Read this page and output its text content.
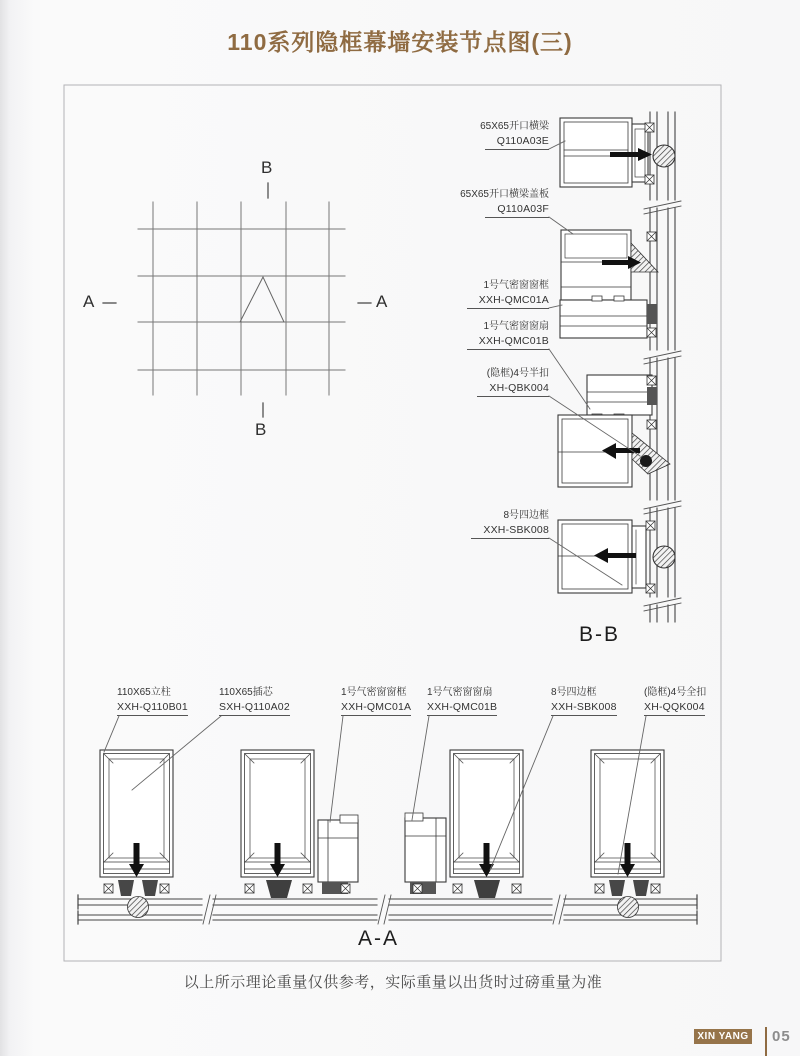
110系列隐框幕墙安装节点图(三)
A	A
B
B
65X65开口横梁
Q110A03E
65X65开口横梁盖板
Q110A03F
1号气密窗窗框
XXH-QMC01A
1号气密窗窗扇
XXH-QMC01B
(隐框)4号半扣
XH-QBK004
8号四边框
XXH-SBK008
110X65立柱
XXH-Q110B01
110X65插芯
SXH-Q110A02
1号气密窗窗框
XXH-QMC01A
1号气密窗窗扇
XXH-QMC01B
8号四边框
XXH-SBK008
(隐框)4号全扣
XH-QQK004
B-B
A-A
以上所示理论重量仅供参考，实际重量以出货时过磅重量为准
XIN YANG 05
